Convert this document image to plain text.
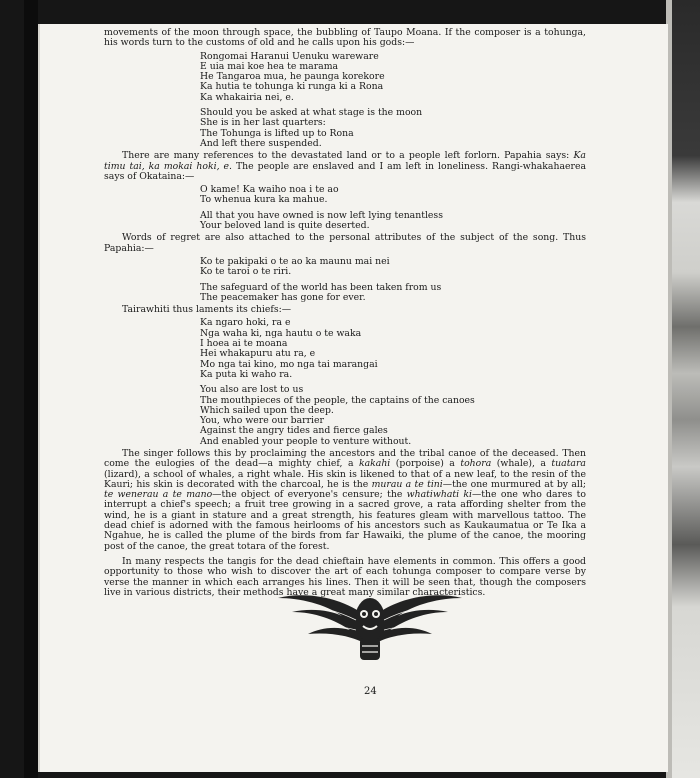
movements of the moon through space, the bubbling of Taupo Moana. If the composer is a tohunga, his words turn to the customs of old and he calls upon his gods:—

Rongomai Haranui Uenuku wareware
E uia mai koe hea te marama
He Tangaroa mua, he paunga korekore
Ka hutia te tohunga ki runga ki a Rona
Ka whakairia nei, e.
Should you be asked at what stage is the moon
She is in her last quarters:
The Tohunga is lifted up to Rona
And left there suspended.

There are many references to the devastated land or to a people left forlorn. Papahia says: Ka timu tai, ka mokai hoki, e. The people are enslaved and I am left in loneliness. Rangi-whakahaerea says of Okataina:—

O kame! Ka waiho noa i te ao
To whenua kura ka mahue.
All that you have owned is now left lying tenantless
Your beloved land is quite deserted.

Words of regret are also attached to the personal attributes of the subject of the song. Thus Papahia:—

Ko te pakipaki o te ao ka maunu mai nei
Ko te taroi o te riri.
The safeguard of the world has been taken from us
The peacemaker has gone for ever.

Tairawhiti thus laments its chiefs:—

Ka ngaro hoki, ra e
Nga waha ki, nga hautu o te waka
I hoea ai te moana
Hei whakapuru atu ra, e
Mo nga tai kino, mo nga tai marangai
Ka puta ki waho ra.
You also are lost to us
The mouthpieces of the people, the captains of the canoes
Which sailed upon the deep.
You, who were our barrier
Against the angry tides and fierce gales
And enabled your people to venture without.

The singer follows this by proclaiming the ancestors and the tribal canoe of the deceased. Then come the eulogies of the dead—a mighty chief, a kakahi (porpoise) a tohora (whale), a tuatara (lizard), a school of whales, a right whale. His skin is likened to that of a new leaf, to the resin of the Kauri; his skin is decorated with the charcoal, he is the murau a te tini—the one murmured at by all; te wenerau a te mano—the object of everyone's censure; the whatiwhati ki—the one who dares to interrupt a chief's speech; a fruit tree growing in a sacred grove, a rata affording shelter from the wind, he is a giant in stature and a great strength, his features gleam with marvellous tattoo. The dead chief is adorned with the famous heirlooms of his ancestors such as Kaukaumatua or Te Ika a Ngahue, he is called the plume of the birds from far Hawaiki, the plume of the canoe, the mooring post of the canoe, the great totara of the forest.

In many respects the tangis for the dead chieftain have elements in common. This offers a good opportunity to those who wish to discover the art of each tohunga composer to compare verse by verse the manner in which each arranges his lines. Then it will be seen that, though the composers live in various districts, their methods have a great many similar characteristics.

24
